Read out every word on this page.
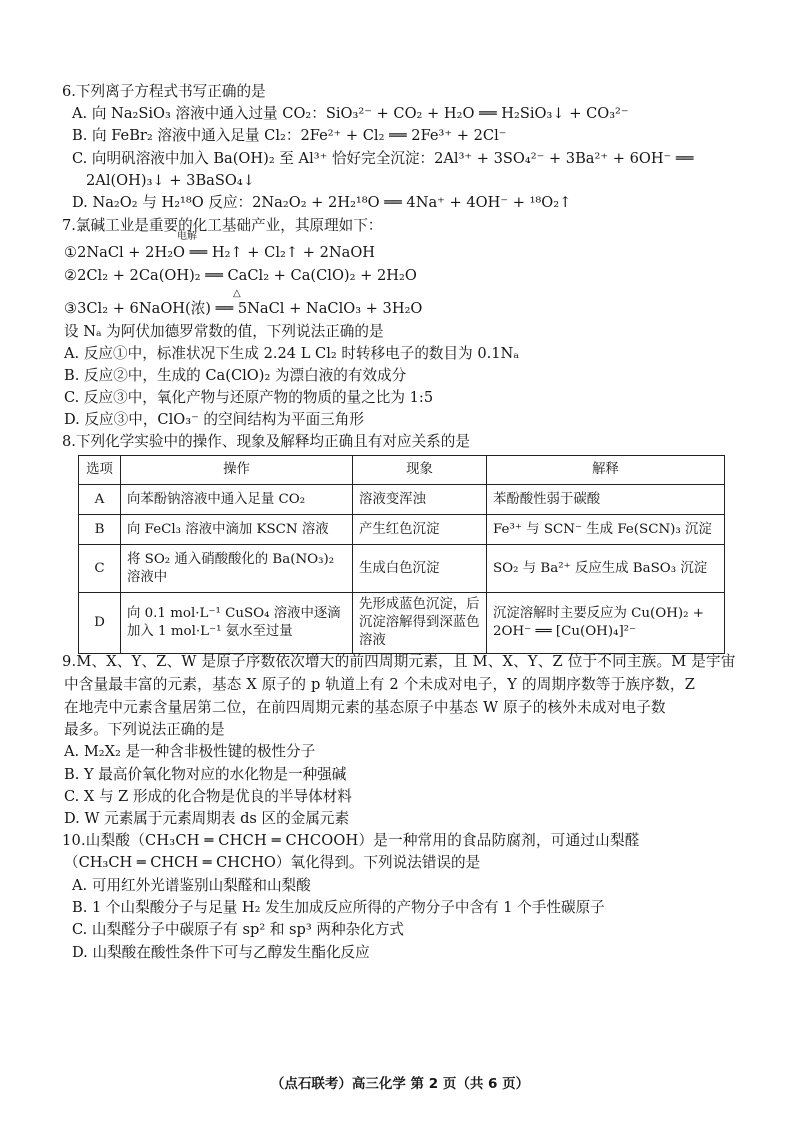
6.下列离子方程式书写正确的是
A. 向 Na₂SiO₃ 溶液中通入过量 CO₂：SiO₃²⁻ + CO₂ + H₂O ══ H₂SiO₃↓ + CO₃²⁻
B. 向 FeBr₂ 溶液中通入足量 Cl₂：2Fe²⁺ + Cl₂ ══ 2Fe³⁺ + 2Cl⁻
C. 向明矾溶液中加入 Ba(OH)₂ 至 Al³⁺ 恰好完全沉淀：2Al³⁺ + 3SO₄²⁻ + 3Ba²⁺ + 6OH⁻ ══
2Al(OH)₃↓ + 3BaSO₄↓
D. Na₂O₂ 与 H₂¹⁸O 反应：2Na₂O₂ + 2H₂¹⁸O ══ 4Na⁺ + 4OH⁻ + ¹⁸O₂↑
7.氯碱工业是重要的化工基础产业，其原理如下：
电解
①2NaCl + 2H₂O ══ H₂↑ + Cl₂↑ + 2NaOH
②2Cl₂ + 2Ca(OH)₂ ══ CaCl₂ + Ca(ClO)₂ + 2H₂O
△
③3Cl₂ + 6NaOH(浓) ══ 5NaCl + NaClO₃ + 3H₂O
设 Nₐ 为阿伏加德罗常数的值，下列说法正确的是
A. 反应①中，标准状况下生成 2.24 L Cl₂ 时转移电子的数目为 0.1Nₐ
B. 反应②中，生成的 Ca(ClO)₂ 为漂白液的有效成分
C. 反应③中，氧化产物与还原产物的物质的量之比为 1:5
D. 反应③中，ClO₃⁻ 的空间结构为平面三角形
8.下列化学实验中的操作、现象及解释均正确且有对应关系的是
选项	操作	现象	解释
A	向苯酚钠溶液中通入足量 CO₂	溶液变浑浊	苯酚酸性弱于碳酸
B	向 FeCl₃ 溶液中滴加 KSCN 溶液	产生红色沉淀	Fe³⁺ 与 SCN⁻ 生成 Fe(SCN)₃ 沉淀
C	将 SO₂ 通入硝酸酸化的 Ba(NO₃)₂ 溶液中	生成白色沉淀	SO₂ 与 Ba²⁺ 反应生成 BaSO₃ 沉淀
D	向 0.1 mol·L⁻¹ CuSO₄ 溶液中逐滴加入 1 mol·L⁻¹ 氨水至过量	先形成蓝色沉淀，后沉淀溶解得到深蓝色溶液	沉淀溶解时主要反应为 Cu(OH)₂ + 2OH⁻ ══ [Cu(OH)₄]²⁻
9.M、X、Y、Z、W 是原子序数依次增大的前四周期元素，且 M、X、Y、Z 位于不同主族。M 是宇宙
中含量最丰富的元素，基态 X 原子的 p 轨道上有 2 个未成对电子，Y 的周期序数等于族序数，Z
在地壳中元素含量居第二位，在前四周期元素的基态原子中基态 W 原子的核外未成对电子数
最多。下列说法正确的是
A. M₂X₂ 是一种含非极性键的极性分子
B. Y 最高价氧化物对应的水化物是一种强碱
C. X 与 Z 形成的化合物是优良的半导体材料
D. W 元素属于元素周期表 ds 区的金属元素
10.山梨酸（CH₃CH ═ CHCH ═ CHCOOH）是一种常用的食品防腐剂，可通过山梨醛
（CH₃CH ═ CHCH ═ CHCHO）氧化得到。下列说法错误的是
A. 可用红外光谱鉴别山梨醛和山梨酸
B. 1 个山梨酸分子与足量 H₂ 发生加成反应所得的产物分子中含有 1 个手性碳原子
C. 山梨醛分子中碳原子有 sp² 和 sp³ 两种杂化方式
D. 山梨酸在酸性条件下可与乙醇发生酯化反应
（点石联考）高三化学 第 2 页（共 6 页）
